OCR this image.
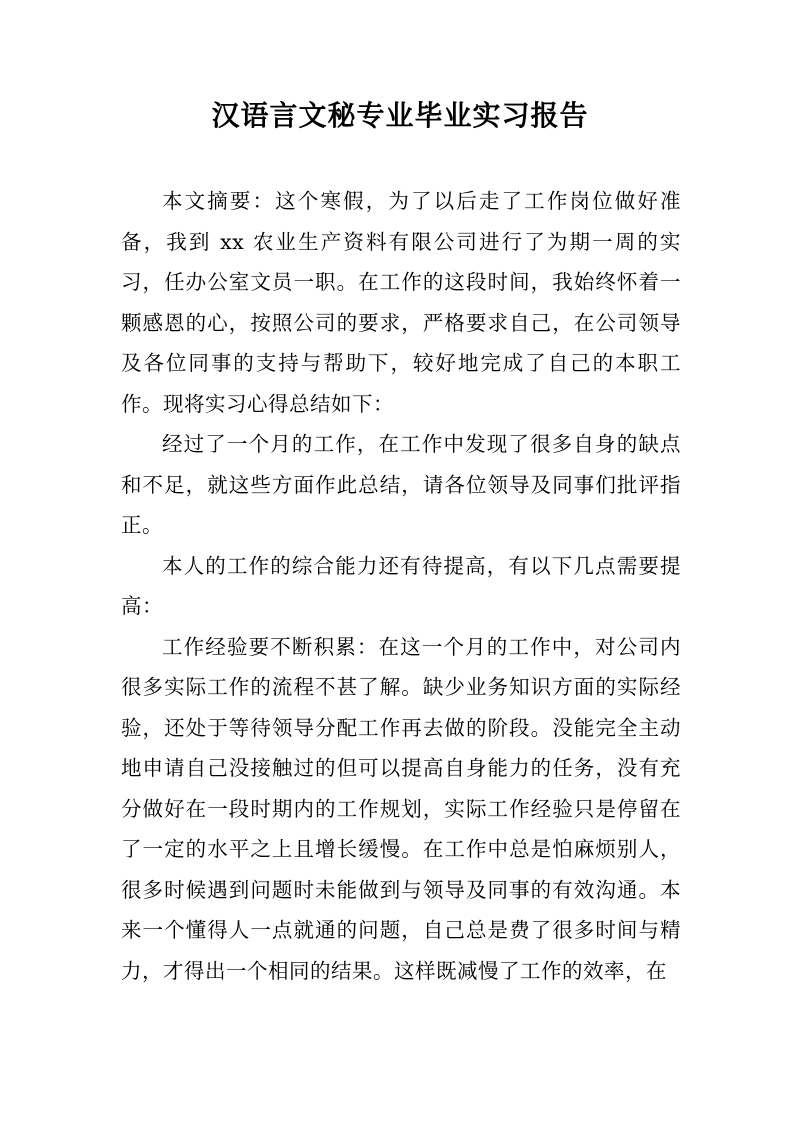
汉语言文秘专业毕业实习报告

本文摘要：这个寒假，为了以后走了工作岗位做好准备，我到 xx 农业生产资料有限公司进行了为期一周的实习，任办公室文员一职。在工作的这段时间，我始终怀着一颗感恩的心，按照公司的要求，严格要求自己，在公司领导及各位同事的支持与帮助下，较好地完成了自己的本职工作。现将实习心得总结如下：

经过了一个月的工作，在工作中发现了很多自身的缺点和不足，就这些方面作此总结，请各位领导及同事们批评指正。

本人的工作的综合能力还有待提高，有以下几点需要提高：

工作经验要不断积累：在这一个月的工作中，对公司内很多实际工作的流程不甚了解。缺少业务知识方面的实际经验，还处于等待领导分配工作再去做的阶段。没能完全主动地申请自己没接触过的但可以提高自身能力的任务，没有充分做好在一段时期内的工作规划，实际工作经验只是停留在了一定的水平之上且增长缓慢。在工作中总是怕麻烦别人，很多时候遇到问题时未能做到与领导及同事的有效沟通。本来一个懂得人一点就通的问题，自己总是费了很多时间与精力，才得出一个相同的结果。这样既减慢了工作的效率，在
